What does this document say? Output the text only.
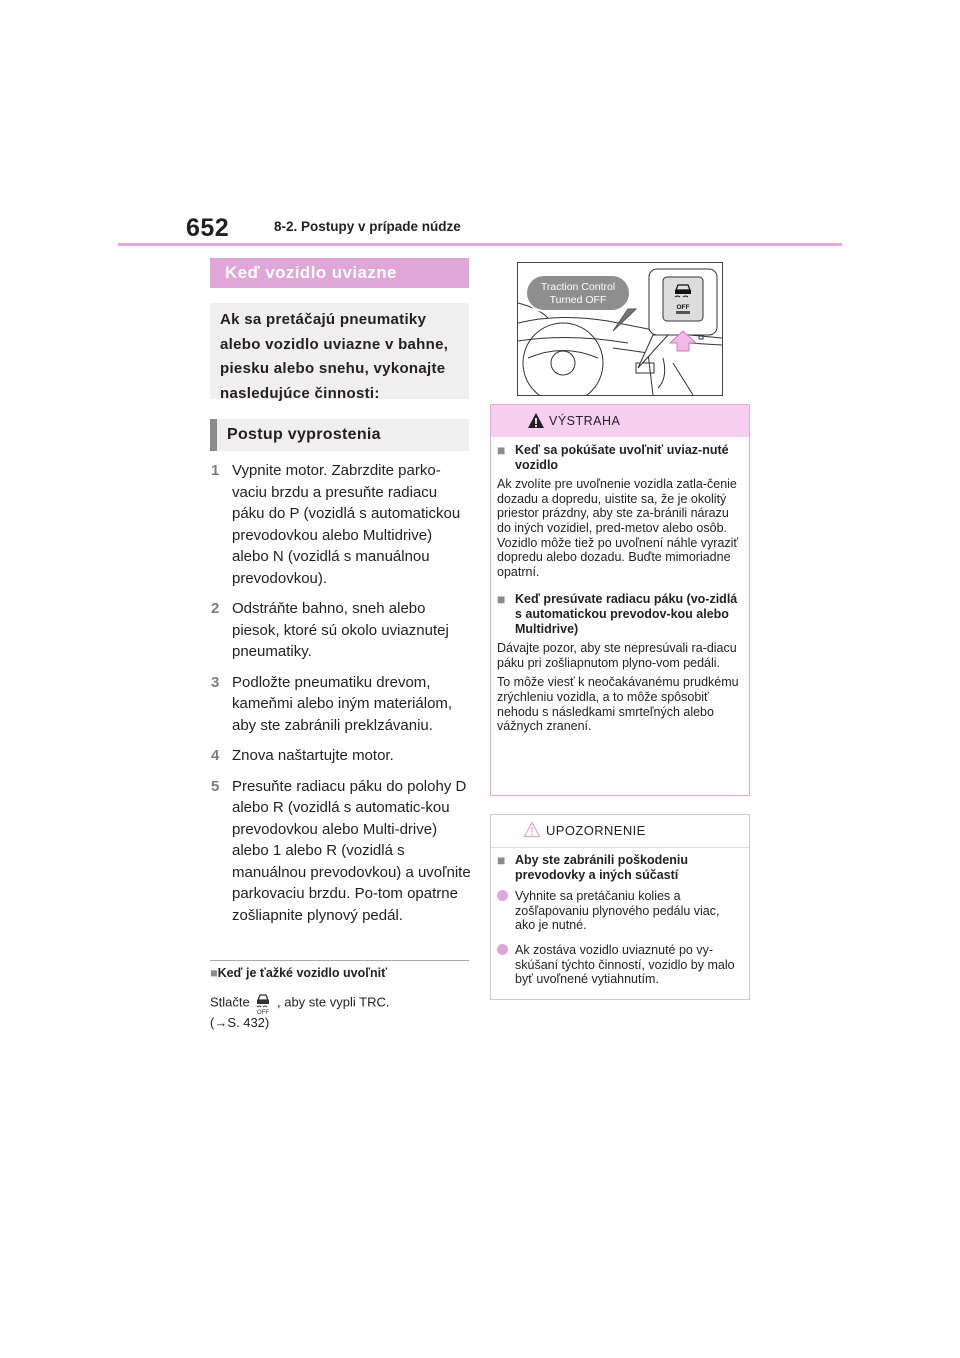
652	8-2. Postupy v prípade núdze
Keď vozidlo uviazne
Ak sa pretáčajú pneumatiky alebo vozidlo uviazne v bahne, piesku alebo snehu, vykonajte nasledujúce činnosti:
Postup vyprostenia
1 Vypnite motor. Zabrzdite parko-vaciu brzdu a presuňte radiacu páku do P (vozidlá s automatickou prevodovkou alebo Multidrive) alebo N (vozidlá s manuálnou prevodovkou).
2 Odstráňte bahno, sneh alebo piesok, ktoré sú okolo uviaznutej pneumatiky.
3 Podložte pneumatiku drevom, kameňmi alebo iným materiálom, aby ste zabránili preklzávaniu.
4 Znova naštartujte motor.
5 Presuňte radiacu páku do polohy D alebo R (vozidlá s automatic-kou prevodovkou alebo Multi-drive) alebo 1 alebo R (vozidlá s manuálnou prevodovkou) a uvoľnite parkovaciu brzdu. Po-tom opatrne zošliapnite plynový pedál.
■Keď je ťažké vozidlo uvoľniť
Stlačte
OFF
, aby ste vypli TRC.
(→S. 432)
OFF
Traction Control
Turned OFF
VÝSTRAHA
■ Keď sa pokúšate uvoľniť uviaz-nuté vozidlo
Ak zvolíte pre uvoľnenie vozidla zatla-čenie dozadu a dopredu, uistite sa, že je okolitý priestor prázdny, aby ste za-bránili nárazu do iných vozidiel, pred-metov alebo osôb. Vozidlo môže tiež po uvoľnení náhle vyraziť dopredu alebo dozadu. Buďte mimoriadne opatrní.
■ Keď presúvate radiacu páku (vo-zidlá s automatickou prevodov-kou alebo Multidrive)
Dávajte pozor, aby ste nepresúvali ra-diacu páku pri zošliapnutom plyno-vom pedáli.
To môže viesť k neočakávanému prudkému zrýchleniu vozidla, a to môže spôsobiť nehodu s následkami smrteľných alebo vážnych zranení.
UPOZORNENIE
■ Aby ste zabránili poškodeniu prevodovky a iných súčastí
Vyhnite sa pretáčaniu kolies a zošľapovaniu plynového pedálu viac, ako je nutné.
Ak zostáva vozidlo uviaznuté po vy-skúšaní týchto činností, vozidlo by malo byť uvoľnené vytiahnutím.
